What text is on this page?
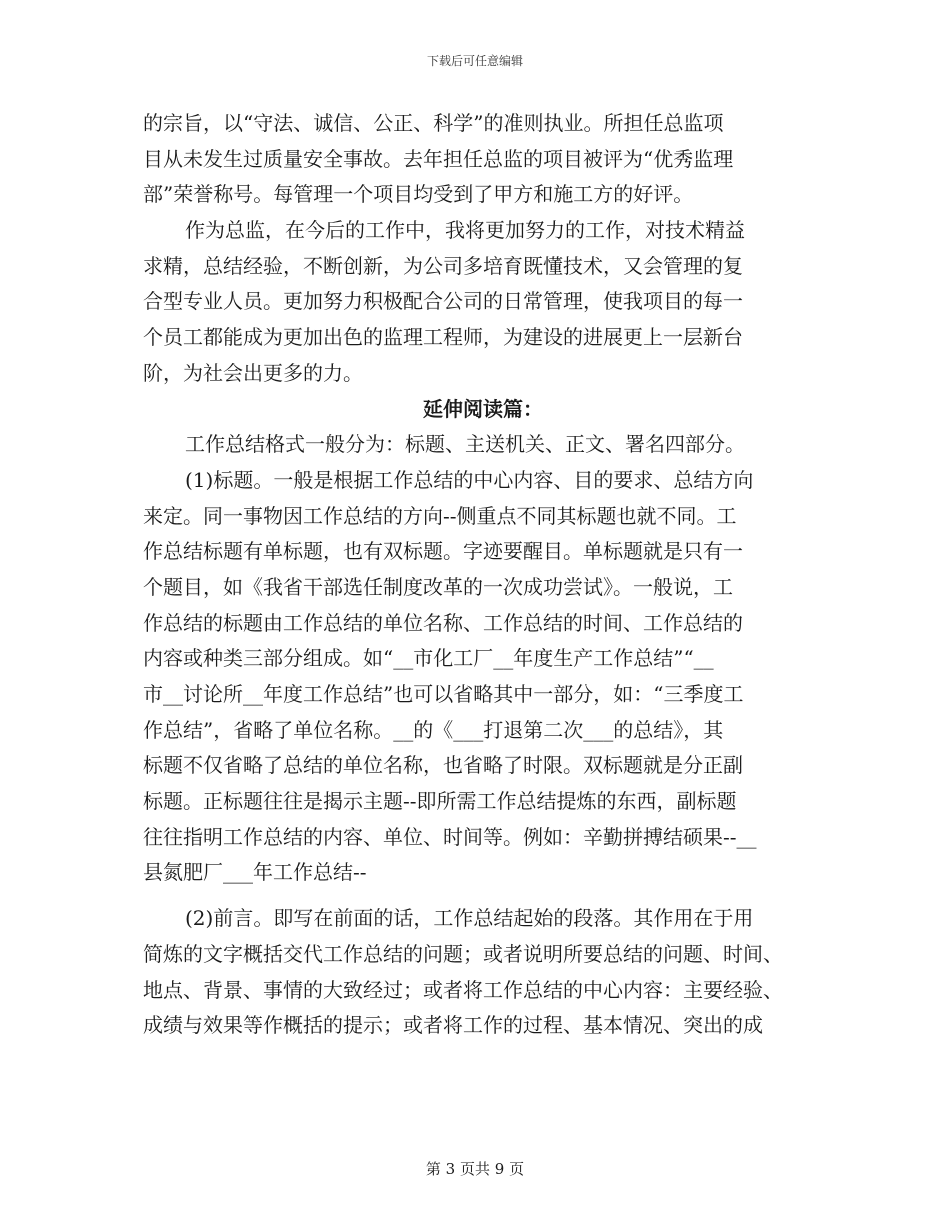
下载后可任意编辑
的宗旨，以“守法、诚信、公正、科学”的准则执业。所担任总监项
目从未发生过质量安全事故。去年担任总监的项目被评为“优秀监理
部”荣誉称号。每管理一个项目均受到了甲方和施工方的好评。
作为总监，在今后的工作中，我将更加努力的工作，对技术精益
求精，总结经验，不断创新，为公司多培育既懂技术，又会管理的复
合型专业人员。更加努力积极配合公司的日常管理，使我项目的每一
个员工都能成为更加出色的监理工程师，为建设的进展更上一层新台
阶，为社会出更多的力。
延伸阅读篇：
工作总结格式一般分为：标题、主送机关、正文、署名四部分。
(1)标题。一般是根据工作总结的中心内容、目的要求、总结方向
来定。同一事物因工作总结的方向--侧重点不同其标题也就不同。工
作总结标题有单标题，也有双标题。字迹要醒目。单标题就是只有一
个题目，如《我省干部选任制度改革的一次成功尝试》。一般说，工
作总结的标题由工作总结的单位名称、工作总结的时间、工作总结的
内容或种类三部分组成。如“__市化工厂__年度生产工作总结”“__
市__讨论所__年度工作总结”也可以省略其中一部分，如：“三季度工
作总结”，省略了单位名称。__的《___打退第二次___的总结》，其
标题不仅省略了总结的单位名称，也省略了时限。双标题就是分正副
标题。正标题往往是揭示主题--即所需工作总结提炼的东西，副标题
往往指明工作总结的内容、单位、时间等。例如：辛勤拼搏结硕果--__
县氮肥厂___年工作总结--
(2)前言。即写在前面的话，工作总结起始的段落。其作用在于用
简炼的文字概括交代工作总结的问题；或者说明所要总结的问题、时间、
地点、背景、事情的大致经过；或者将工作总结的中心内容：主要经验、
成绩与效果等作概括的提示；或者将工作的过程、基本情况、突出的成
第 3 页共 9 页
